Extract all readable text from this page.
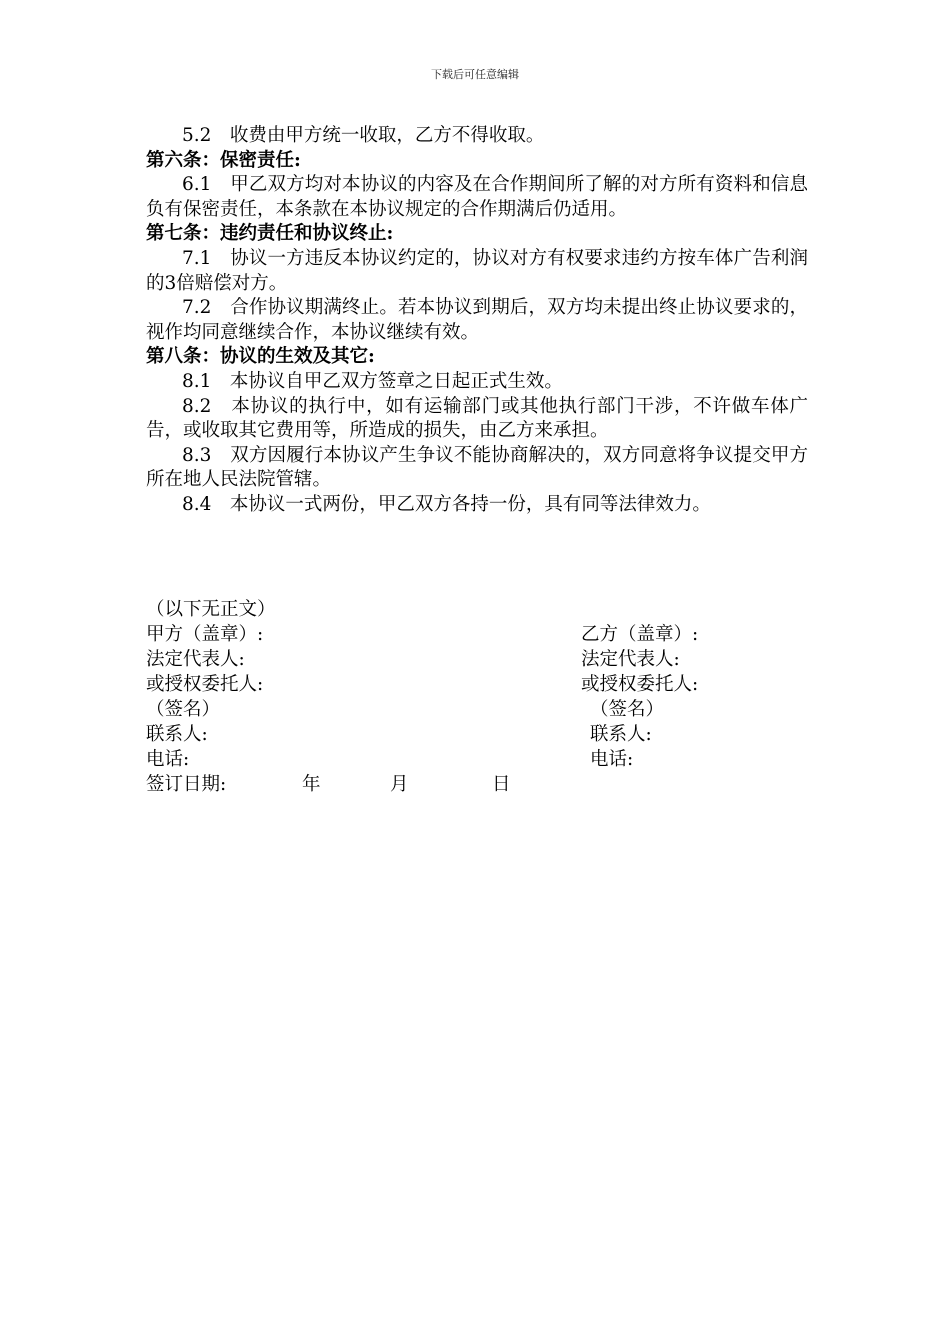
下载后可任意编辑

5.2　收费由甲方统一收取，乙方不得收取。

第六条：保密责任:

6.1　甲乙双方均对本协议的内容及在合作期间所了解的对方所有资料和信息负有保密责任，本条款在本协议规定的合作期满后仍适用。

第七条：违约责任和协议终止:

7.1　协议一方违反本协议约定的，协议对方有权要求违约方按车体广告利润的3倍赔偿对方。

7.2　合作协议期满终止。若本协议到期后，双方均未提出终止协议要求的，视作均同意继续合作，本协议继续有效。

第八条：协议的生效及其它:

8.1　本协议自甲乙双方签章之日起正式生效。

8.2　本协议的执行中，如有运输部门或其他执行部门干涉，不许做车体广告，或收取其它费用等，所造成的损失，由乙方来承担。

8.3　双方因履行本协议产生争议不能协商解决的，双方同意将争议提交甲方所在地人民法院管辖。

8.4　本协议一式两份，甲乙双方各持一份，具有同等法律效力。

（以下无正文）
甲方（盖章）:	乙方（盖章）:
法定代表人:	法定代表人:
或授权委托人:	或授权委托人:
（签名）	（签名）
联系人:	联系人:
电话:	电话:
签订日期:	年	月	日
